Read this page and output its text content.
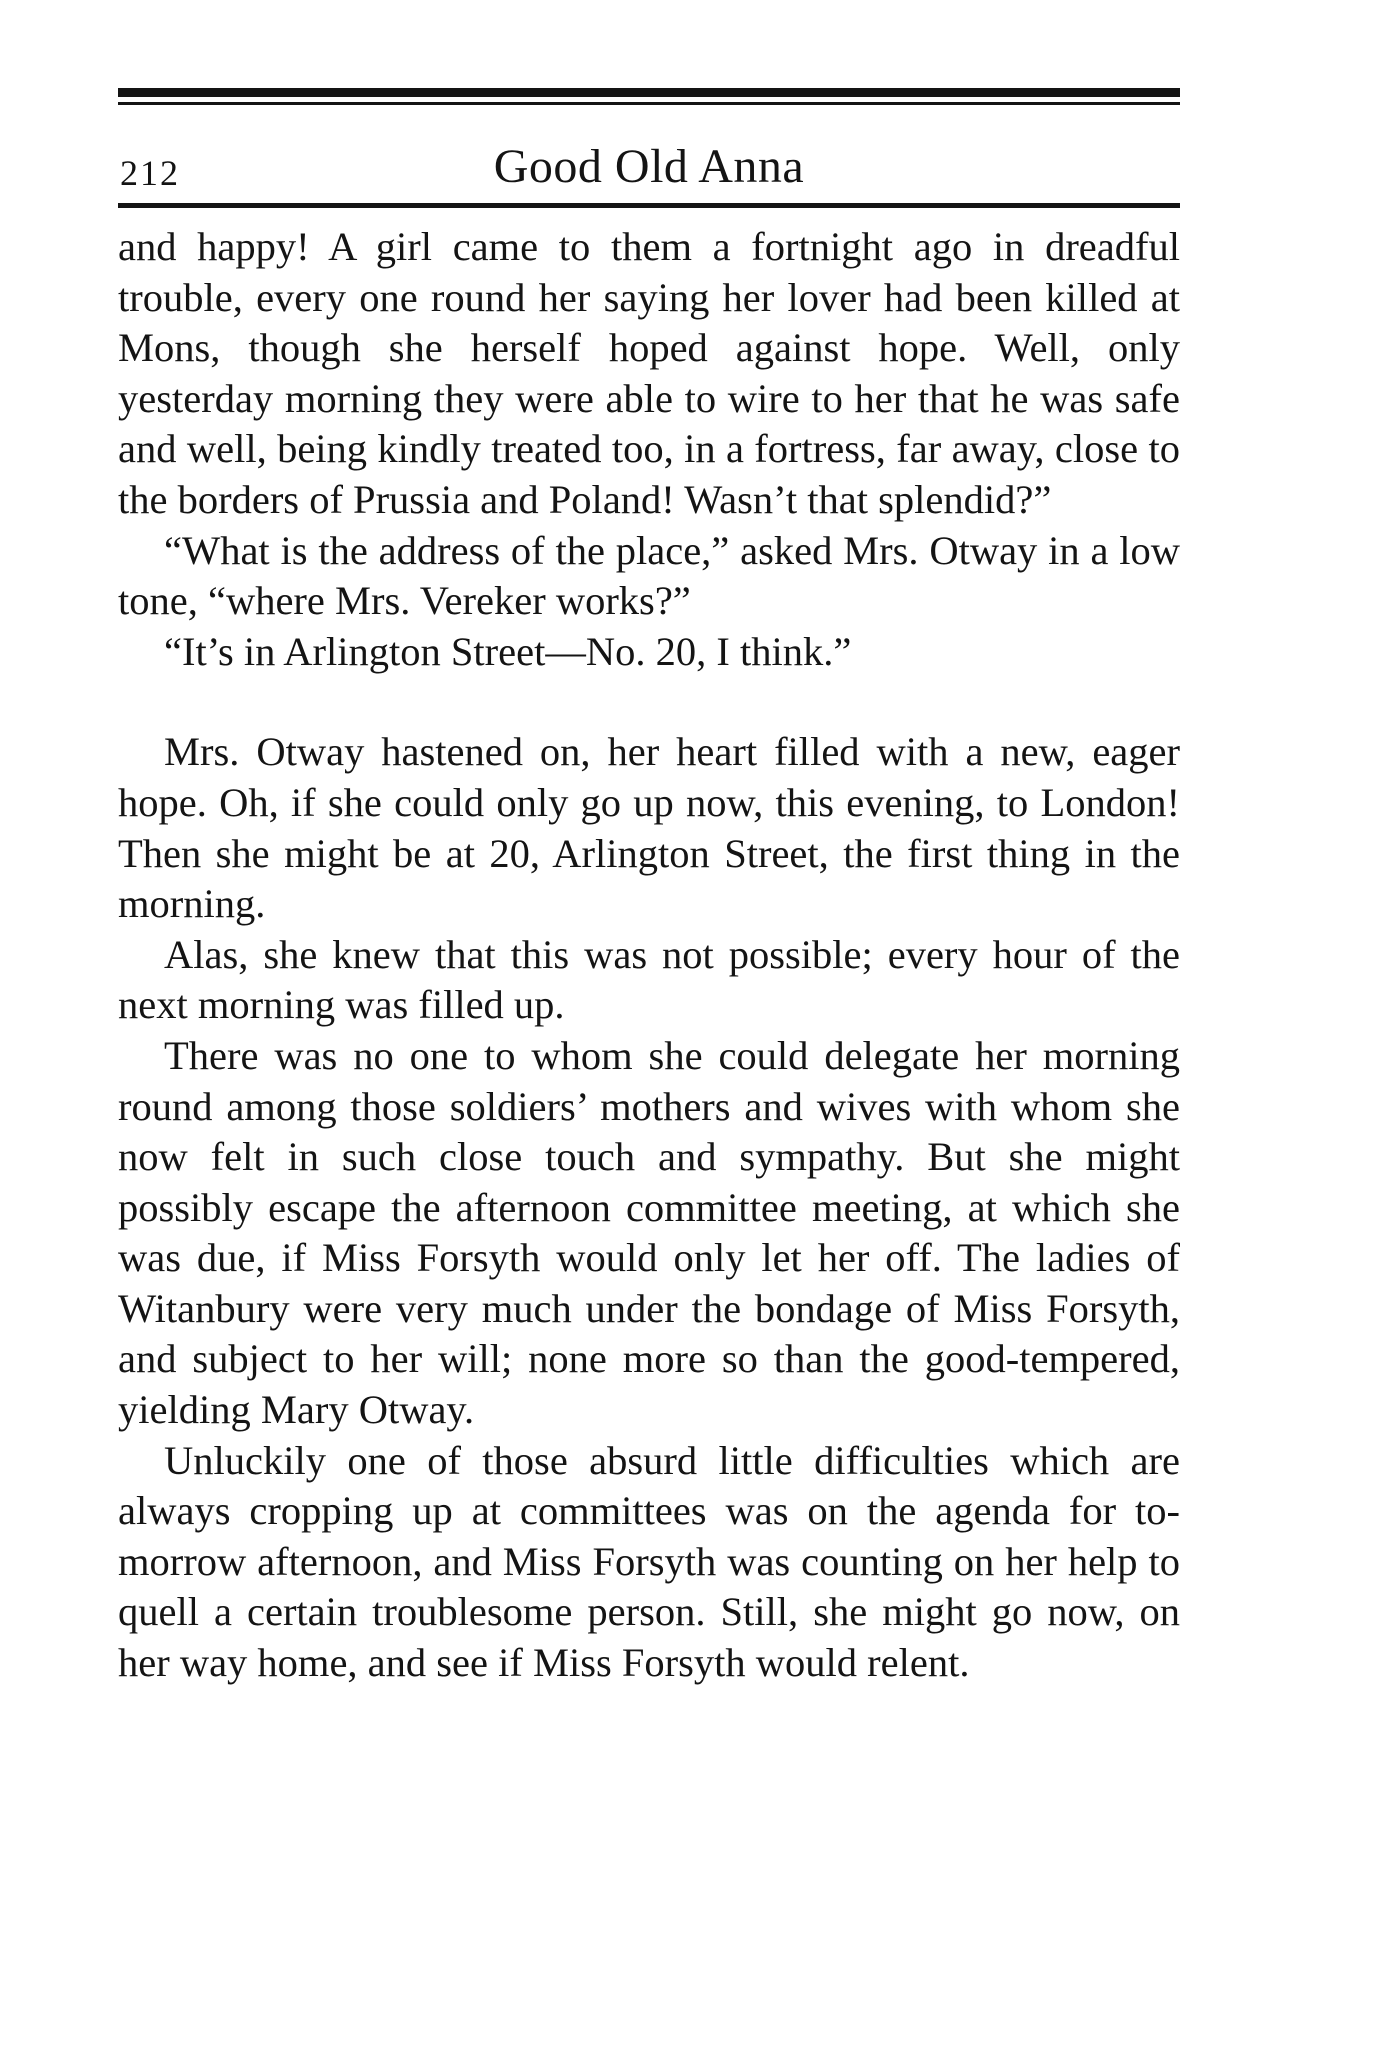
212	Good Old Anna

and happy! A girl came to them a fortnight ago in dreadful trouble, every one round her saying her lover had been killed at Mons, though she herself hoped against hope. Well, only yesterday morning they were able to wire to her that he was safe and well, being kindly treated too, in a fortress, far away, close to the borders of Prussia and Poland! Wasn’t that splendid?”

“What is the address of the place,” asked Mrs. Otway in a low tone, “where Mrs. Vereker works?”

“It’s in Arlington Street—No. 20, I think.”

Mrs. Otway hastened on, her heart filled with a new, eager hope. Oh, if she could only go up now, this evening, to London! Then she might be at 20, Arlington Street, the first thing in the morning.

Alas, she knew that this was not possible; every hour of the next morning was filled up.

There was no one to whom she could delegate her morning round among those soldiers’ mothers and wives with whom she now felt in such close touch and sympathy. But she might possibly escape the afternoon committee meeting, at which she was due, if Miss Forsyth would only let her off. The ladies of Witanbury were very much under the bondage of Miss Forsyth, and subject to her will; none more so than the good-tempered, yielding Mary Otway.

Unluckily one of those absurd little difficulties which are always cropping up at committees was on the agenda for to-morrow afternoon, and Miss Forsyth was counting on her help to quell a certain troublesome person. Still, she might go now, on her way home, and see if Miss Forsyth would relent.
